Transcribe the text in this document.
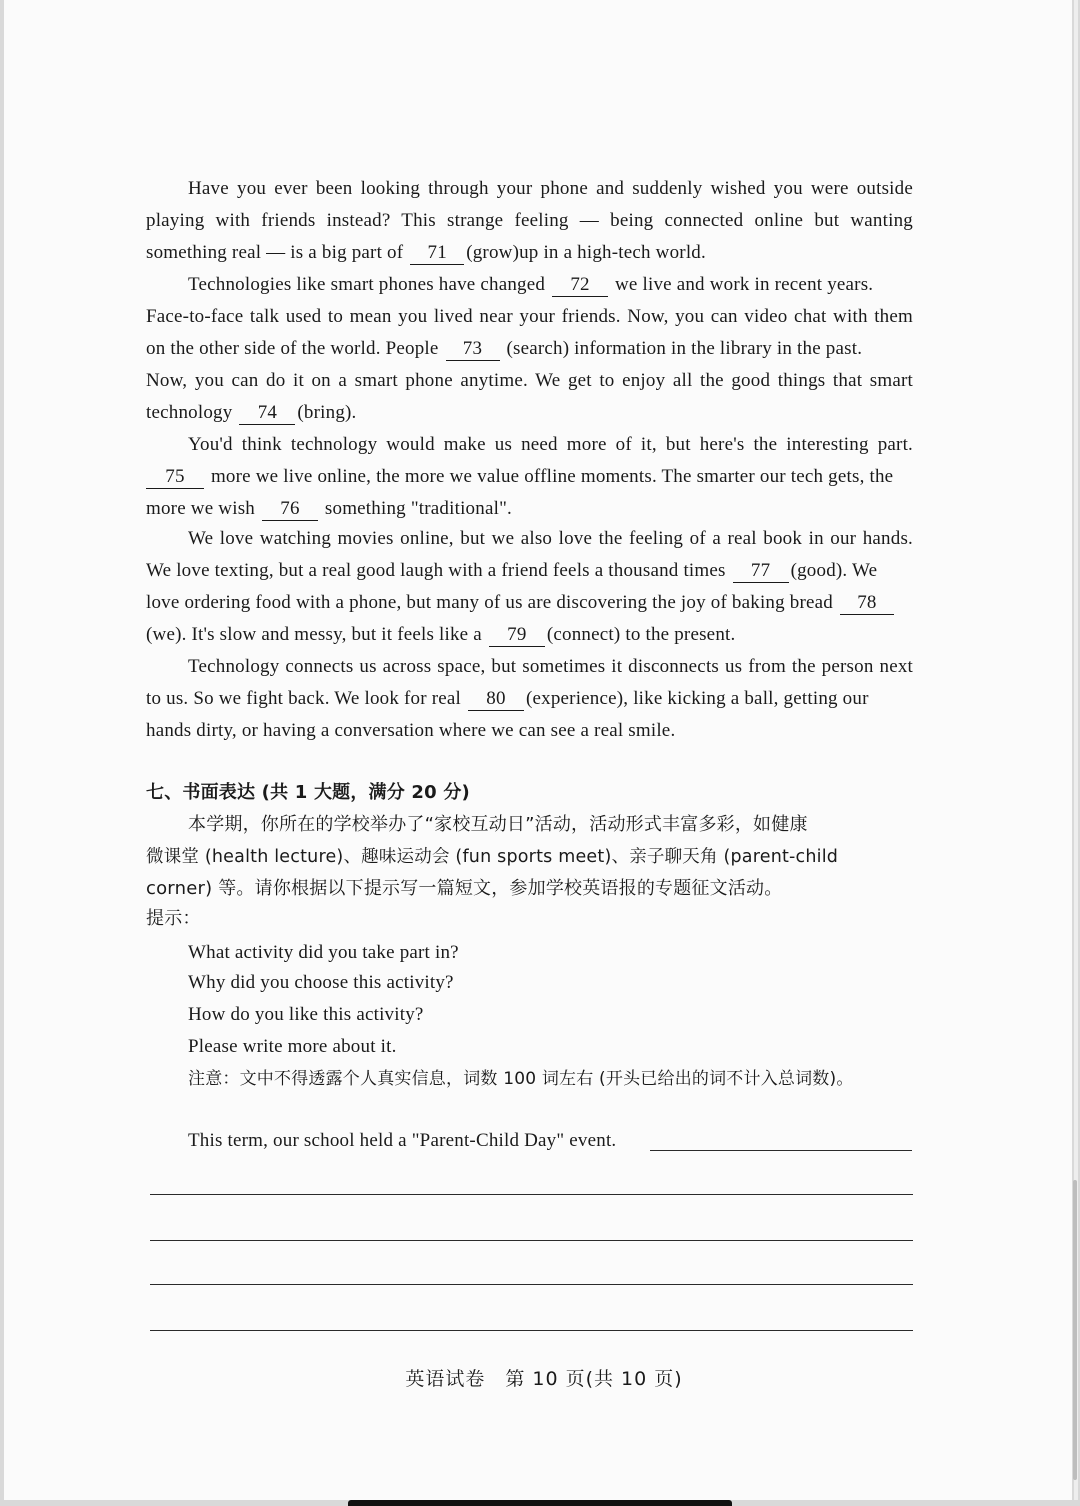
Have you ever been looking through your phone and suddenly wished you were outside
playing with friends instead? This strange feeling — being connected online but wanting
something real — is a big part of 71 (grow)up in a high-tech world.
Technologies like smart phones have changed 72 we live and work in recent years.
Face-to-face talk used to mean you lived near your friends. Now, you can video chat with them
on the other side of the world. People 73 (search) information in the library in the past.
Now, you can do it on a smart phone anytime. We get to enjoy all the good things that smart
technology 74 (bring).
You'd think technology would make us need more of it, but here's the interesting part.
75 more we live online, the more we value offline moments. The smarter our tech gets, the
more we wish 76 something "traditional".
We love watching movies online, but we also love the feeling of a real book in our hands.
We love texting, but a real good laugh with a friend feels a thousand times 77 (good). We
love ordering food with a phone, but many of us are discovering the joy of baking bread 78
(we). It's slow and messy, but it feels like a 79 (connect) to the present.
Technology connects us across space, but sometimes it disconnects us from the person next
to us. So we fight back. We look for real 80 (experience), like kicking a ball, getting our
hands dirty, or having a conversation where we can see a real smile.
七、书面表达 (共 1 大题，满分 20 分)
本学期，你所在的学校举办了“家校互动日”活动，活动形式丰富多彩，如健康
微课堂 (health lecture)、趣味运动会 (fun sports meet)、亲子聊天角 (parent-child
corner) 等。请你根据以下提示写一篇短文，参加学校英语报的专题征文活动。
提示：
What activity did you take part in?
Why did you choose this activity?
How do you like this activity?
Please write more about it.
注意：文中不得透露个人真实信息，词数 100 词左右 (开头已给出的词不计入总词数)。
This term, our school held a "Parent-Child Day" event.
英语试卷　第 10 页(共 10 页)
